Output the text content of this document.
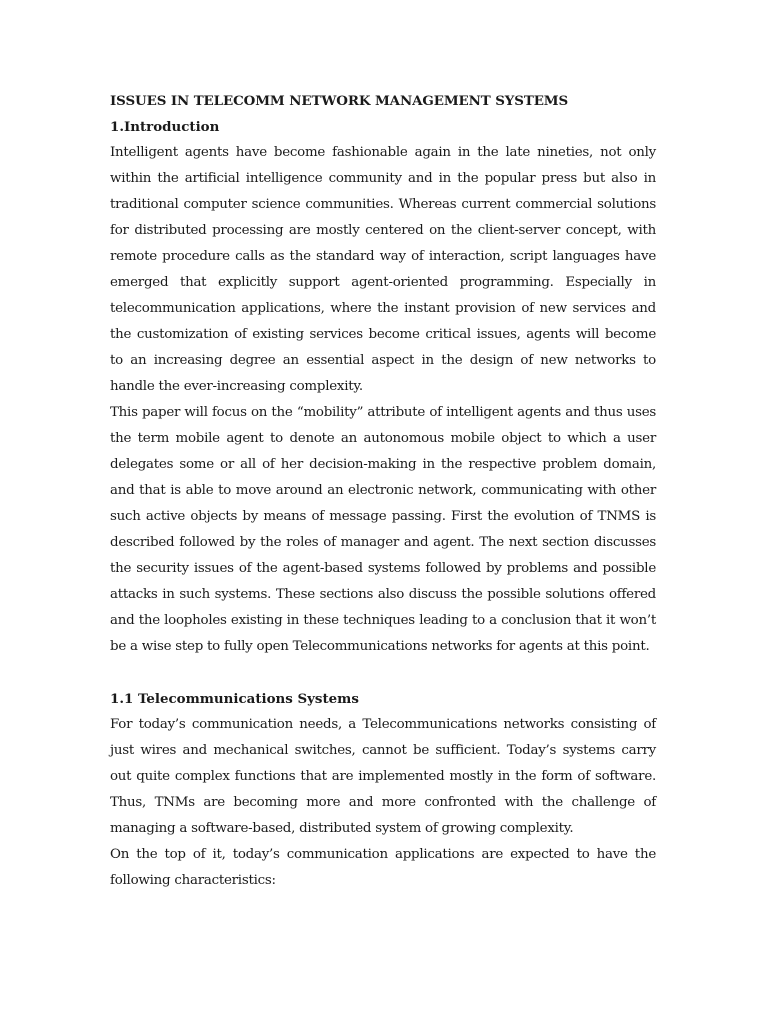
ISSUES IN TELECOMM NETWORK MANAGEMENT SYSTEMS
1.Introduction

Intelligent agents have become fashionable again in the late nineties, not only within the artificial intelligence community and in the popular press but also in traditional computer science communities. Whereas current commercial solutions for distributed processing are mostly centered on the client-server concept, with remote procedure calls as the standard way of interaction, script languages have emerged that explicitly support agent-oriented programming. Especially in telecommunication applications, where the instant provision of new services and the customization of existing services become critical issues, agents will become to an increasing degree an essential aspect in the design of new networks to handle the ever-increasing complexity.

This paper will focus on the “mobility” attribute of intelligent agents and thus uses the term mobile agent to denote an autonomous mobile object to which a user delegates some or all of her decision-making in the respective problem domain, and that is able to move around an electronic network, communicating with other such active objects by means of message passing. First the evolution of TNMS is described followed by the roles of manager and agent. The next section discusses the security issues of the agent-based systems followed by problems and possible attacks in such systems. These sections also discuss the possible solutions offered and the loopholes existing in these techniques leading to a conclusion that it won’t be a wise step to fully open Telecommunications networks for agents at this point.

1.1 Telecommunications Systems

For today’s communication needs, a Telecommunications networks consisting of just wires and mechanical switches, cannot be sufficient. Today’s systems carry out quite complex functions that are implemented mostly in the form of software. Thus, TNMs are becoming more and more confronted with the challenge of managing a software-based, distributed system of growing complexity.

On the top of it, today’s communication applications are expected to have the following characteristics:
